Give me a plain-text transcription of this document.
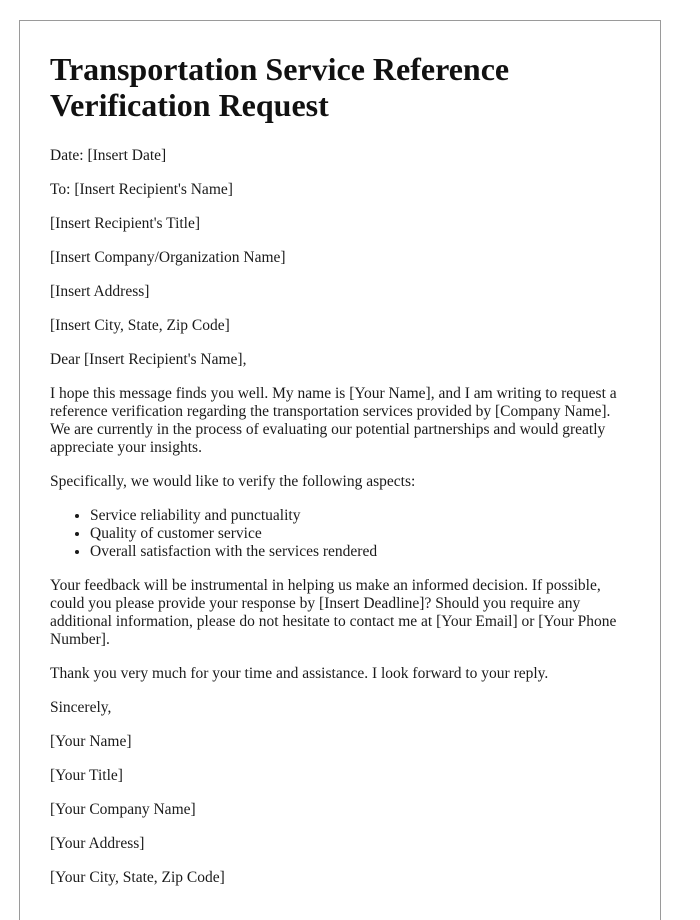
Transportation Service Reference Verification Request

Date: [Insert Date]

To: [Insert Recipient's Name]

[Insert Recipient's Title]

[Insert Company/Organization Name]

[Insert Address]

[Insert City, State, Zip Code]

Dear [Insert Recipient's Name],

I hope this message finds you well. My name is [Your Name], and I am writing to request a reference verification regarding the transportation services provided by [Company Name]. We are currently in the process of evaluating our potential partnerships and would greatly appreciate your insights.

Specifically, we would like to verify the following aspects:

• Service reliability and punctuality
• Quality of customer service
• Overall satisfaction with the services rendered

Your feedback will be instrumental in helping us make an informed decision. If possible, could you please provide your response by [Insert Deadline]? Should you require any additional information, please do not hesitate to contact me at [Your Email] or [Your Phone Number].

Thank you very much for your time and assistance. I look forward to your reply.

Sincerely,

[Your Name]

[Your Title]

[Your Company Name]

[Your Address]

[Your City, State, Zip Code]
